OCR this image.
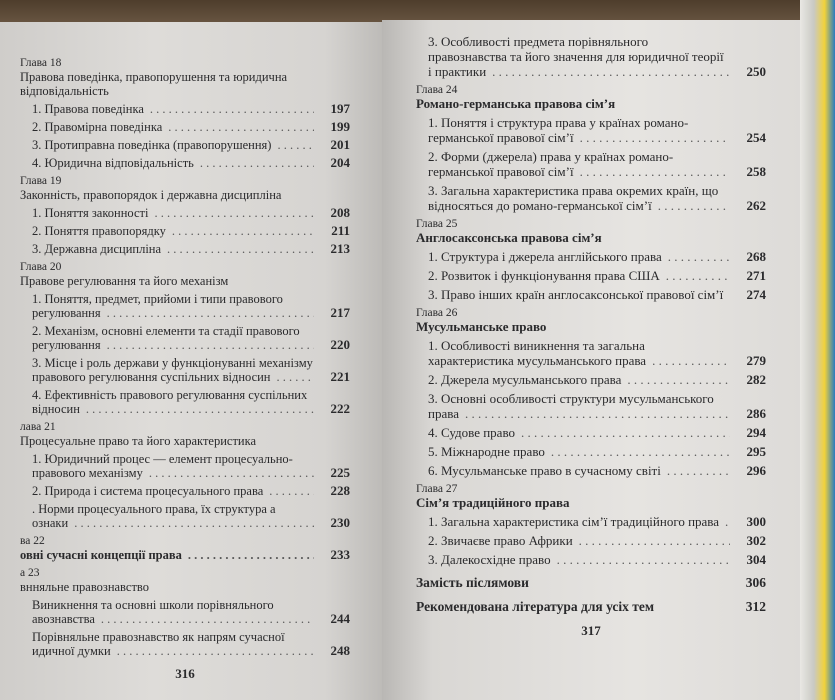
Глава 18
Правова поведінка, правопорушення та юридична відповідальність
1. Правова поведінка . . .	197
2. Правомірна поведінка . . .	199
3. Протиправна поведінка (правопорушення) . . .	201
4. Юридична відповідальність . . .	204
Глава 19
Законність, правопорядок і державна дисципліна
1. Поняття законності . . .	208
2. Поняття правопорядку . . .	211
3. Державна дисципліна . . .	213
Глава 20
Правове регулювання та його механізм
1. Поняття, предмет, прийоми і типи правового регулювання . . .	217
2. Механізм, основні елементи та стадії правового регулювання . . .	220
3. Місце і роль держави у функціонуванні механізму правового регулювання суспільних відносин . . .	221
4. Ефективність правового регулювання суспільних відносин . . .	222
лава 21
Процесуальне право та його характеристика
1. Юридичний процес — елемент процесуально-правового механізму . . .	225
2. Природа і система процесуального права . . .	228
. Норми процесуального права, їх структура а ознаки . . .	230
ва 22
овні сучасні концепції права . . .	233
а 23
внняльне правознавство
Виникнення та основні школи порівняльного авознавства . . .	244
Порівняльне правознавство як напрям сучасної идичної думки . . .	248
316
3. Особливості предмета порівняльного правознавства та його значення для юридичної теорії і практики . . .	250
Глава 24
Романо-германська правова сім’я
1. Поняття і структура права у країнах романо-германської правової сім’ї . . .	254
2. Форми (джерела) права у країнах романо-германської правової сім’ї . . .	258
3. Загальна характеристика права окремих країн, що відносяться до романо-германської сім’ї . . .	262
Глава 25
Англосаксонська правова сім’я
1. Структура і джерела англійського права . . .	268
2. Розвиток і функціонування права США . . .	271
3. Право інших країн англосаксонської правової сім’ї . . .	274
Глава 26
Мусульманське право
1. Особливості виникнення та загальна характеристика мусульманського права . . .	279
2. Джерела мусульманського права . . .	282
3. Основні особливості структури мусульманського права . . .	286
4. Судове право . . .	294
5. Міжнародне право . . .	295
6. Мусульманське право в сучасному світі . . .	296
Глава 27
Сім’я традиційного права
1. Загальна характеристика сім’ї традиційного права . . .	300
2. Звичаєве право Африки . . .	302
3. Далекосхідне право . . .	304
Замість післямови	306
Рекомендована література для усіх тем	312
317
